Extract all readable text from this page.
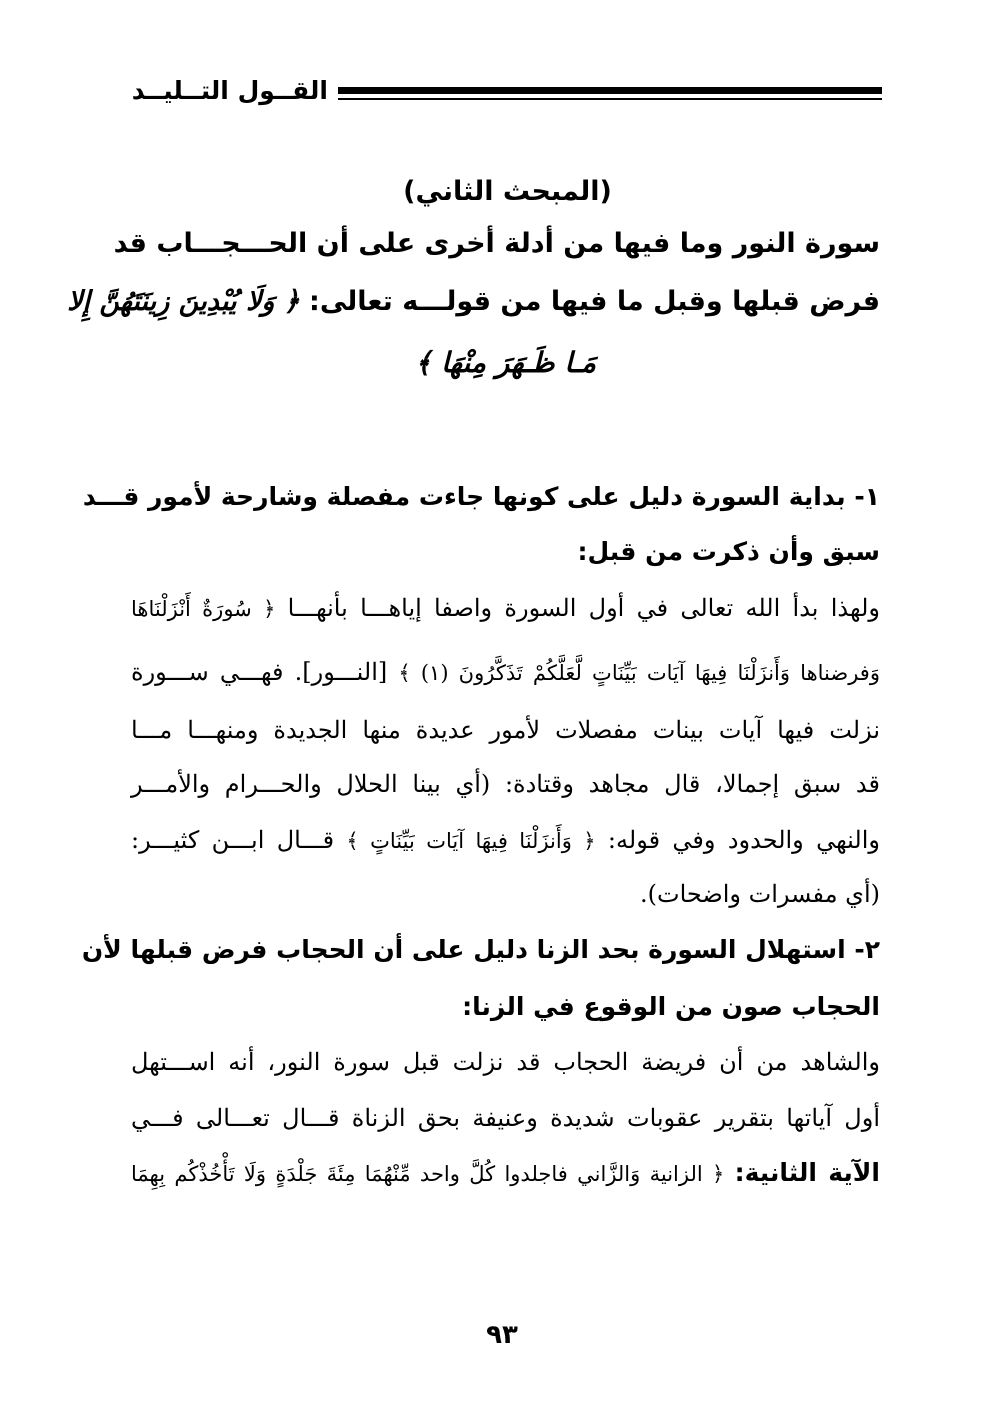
القــول التــليــد
(المبحث الثاني)
سورة النور وما فيها من أدلة أخرى على أن الحـــجـــاب قد
فرض قبلها وقبل ما فيها من قولـــه تعالى: ﴿ وَلَا يُبْدِينَ زِينَتَهُنَّ إِلا
مَـا ظَـهَرَ مِنْهَا ﴾
١- بداية السورة دليل على كونها جاءت مفصلة وشارحة لأمور قـــد
سبق وأن ذكرت من قبل:
ولهذا بدأ الله تعالى في أول السورة واصفا إياهـــا بأنهـــا ﴿ سُورَةٌ أَنْزَلْنَاهَا
وَفرضناها وَأَنزَلْنَا فِيهَا آيَات بَيِّنَاتٍ لَّعَلَّكُمْ تَذَكَّرُونَ (١) ﴾ [النـــور]. فهـــي ســـورة
نزلت فيها آيات بينات مفصلات لأمور عديدة منها الجديدة ومنهـــا مـــا
قد سبق إجمالا، قال مجاهد وقتادة: (أي بينا الحلال والحـــرام والأمـــر
والنهي والحدود وفي قوله: ﴿ وَأَنزَلْنَا فِيهَا آيَات بَيِّنَاتٍ ﴾ قـــال ابـــن كثيـــر:
(أي مفسرات واضحات).
٢- استهلال السورة بحد الزنا دليل على أن الحجاب فرض قبلها لأن
الحجاب صون من الوقوع في الزنا:
والشاهد من أن فريضة الحجاب قد نزلت قبل سورة النور، أنه اســـتهل
أول آياتها بتقرير عقوبات شديدة وعنيفة بحق الزناة قـــال تعـــالى فـــي
الآية الثانية: ﴿ الزانية وَالزَّاني فاجلدوا كُلَّ واحد مِّنْهُمَا مِئَةَ جَلْدَةٍ وَلَا تَأْخُذْكُم بِهِمَا
٩٣
